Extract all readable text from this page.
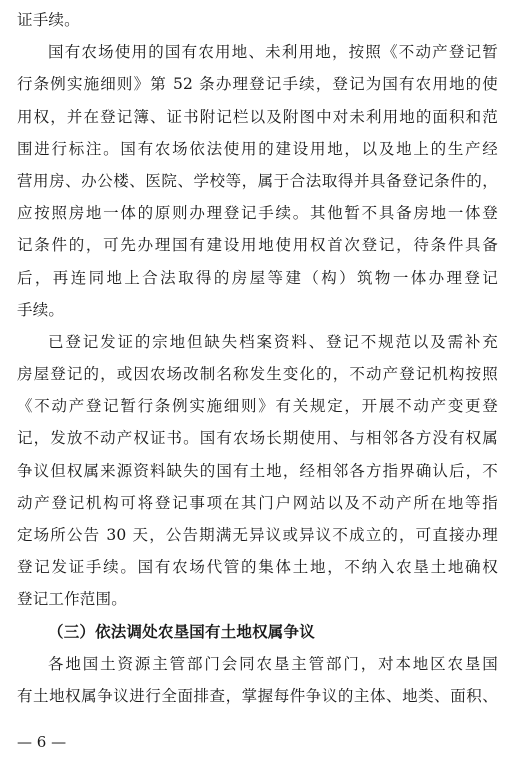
证手续。
国有农场使用的国有农用地、未利用地，按照《不动产登记暂
行条例实施细则》第 52 条办理登记手续，登记为国有农用地的使
用权，并在登记簿、证书附记栏以及附图中对未利用地的面积和范
围进行标注。国有农场依法使用的建设用地，以及地上的生产经
营用房、办公楼、医院、学校等，属于合法取得并具备登记条件的，
应按照房地一体的原则办理登记手续。其他暂不具备房地一体登
记条件的，可先办理国有建设用地使用权首次登记，待条件具备
后，再连同地上合法取得的房屋等建（构）筑物一体办理登记
手续。
已登记发证的宗地但缺失档案资料、登记不规范以及需补充
房屋登记的，或因农场改制名称发生变化的，不动产登记机构按照
《不动产登记暂行条例实施细则》有关规定，开展不动产变更登
记，发放不动产权证书。国有农场长期使用、与相邻各方没有权属
争议但权属来源资料缺失的国有土地，经相邻各方指界确认后，不
动产登记机构可将登记事项在其门户网站以及不动产所在地等指
定场所公告 30 天，公告期满无异议或异议不成立的，可直接办理
登记发证手续。国有农场代管的集体土地，不纳入农垦土地确权
登记工作范围。
（三）依法调处农垦国有土地权属争议
各地国土资源主管部门会同农垦主管部门，对本地区农垦国
有土地权属争议进行全面排查，掌握每件争议的主体、地类、面积、
— 6 —
